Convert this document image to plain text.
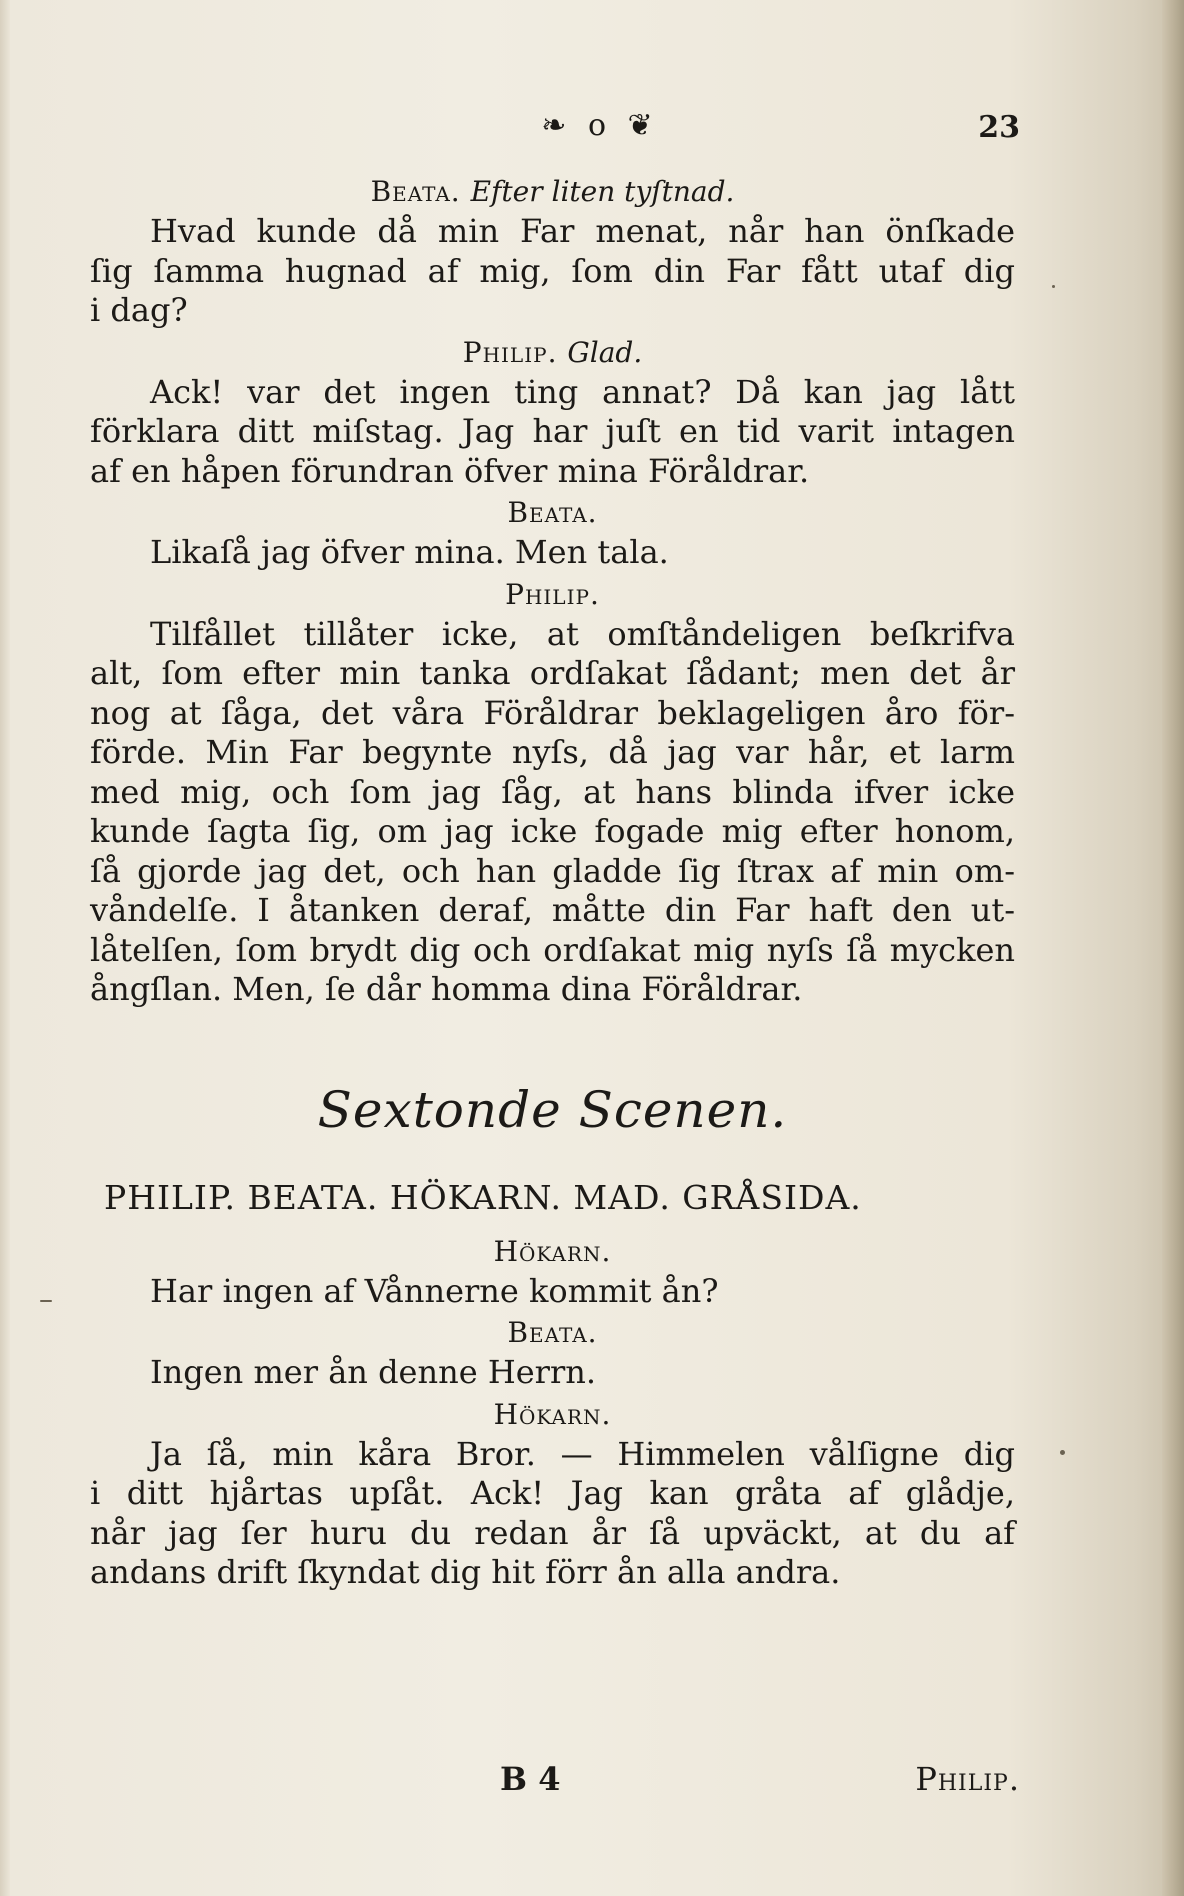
❧ o ❦	23
Beata. Efter liten tyſtnad.
Hvad kunde då min Far menat, når han önſkade
ſig ſamma hugnad af mig, ſom din Far fått utaf dig
i dag?
Philip. Glad.
Ack! var det ingen ting annat? Då kan jag lått
förklara ditt miſstag. Jag har juſt en tid varit intagen
af en håpen förundran öfver mina Föråldrar.
Beata.
Likaſå jag öfver mina. Men tala.
Philip.
Tilfållet tillåter icke, at omſtåndeligen beſkrifva
alt, ſom efter min tanka ordſakat ſådant; men det år
nog at ſåga, det våra Föråldrar beklageligen åro för-
förde. Min Far begynte nyſs, då jag var hår, et larm
med mig, och ſom jag ſåg, at hans blinda ifver icke
kunde ſagta ſig, om jag icke fogade mig efter honom,
ſå gjorde jag det, och han gladde ſig ſtrax af min om-
våndelſe. I åtanken deraf, måtte din Far haft den ut-
låtelſen, ſom brydt dig och ordſakat mig nyſs ſå mycken
ångſlan. Men, ſe dår homma dina Föråldrar.
Sextonde Scenen.
PHILIP. BEATA. HÖKARN. MAD. GRÅSIDA.
Hökarn.
Har ingen af Vånnerne kommit ån?
Beata.
Ingen mer ån denne Herrn.
Hökarn.
Ja ſå, min kåra Bror. — Himmelen vålſigne dig
i ditt hjårtas upſåt. Ack! Jag kan gråta af glådje,
når jag ſer huru du redan år ſå upväckt, at du af
andans drift ſkyndat dig hit förr ån alla andra.
B 4	Philip.
